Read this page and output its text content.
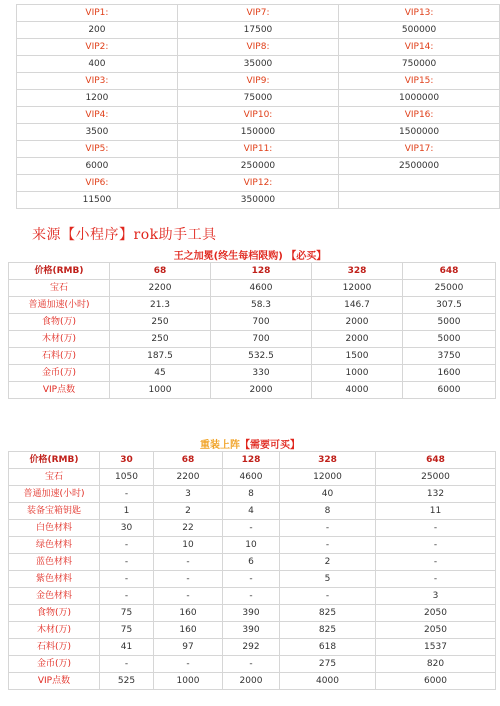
VIP1:	VIP7:	VIP13:
200	17500	500000
VIP2:	VIP8:	VIP14:
400	35000	750000
VIP3:	VIP9:	VIP15:
1200	75000	1000000
VIP4:	VIP10:	VIP16:
3500	150000	1500000
VIP5:	VIP11:	VIP17:
6000	250000	2500000
VIP6:	VIP12:	
11500	350000	
来源【小程序】rok助手工具
王之加冕(终生每档限购) 【必买】
价格(RMB)	68	128	328	648
宝石	2200	4600	12000	25000
普通加速(小时)	21.3	58.3	146.7	307.5
食物(万)	250	700	2000	5000
木材(万)	250	700	2000	5000
石料(万)	187.5	532.5	1500	3750
金币(万)	45	330	1000	1600
VIP点数	1000	2000	4000	6000
重装上阵【需要可买】
价格(RMB)	30	68	128	328	648
宝石	1050	2200	4600	12000	25000
普通加速(小时)	-	3	8	40	132
装备宝箱钥匙	1	2	4	8	11
白色材料	30	22	-	-	-
绿色材料	-	10	10	-	-
蓝色材料	-	-	6	2	-
紫色材料	-	-	-	5	-
金色材料	-	-	-	-	3
食物(万)	75	160	390	825	2050
木材(万)	75	160	390	825	2050
石料(万)	41	97	292	618	1537
金币(万)	-	-	-	275	820
VIP点数	525	1000	2000	4000	6000
